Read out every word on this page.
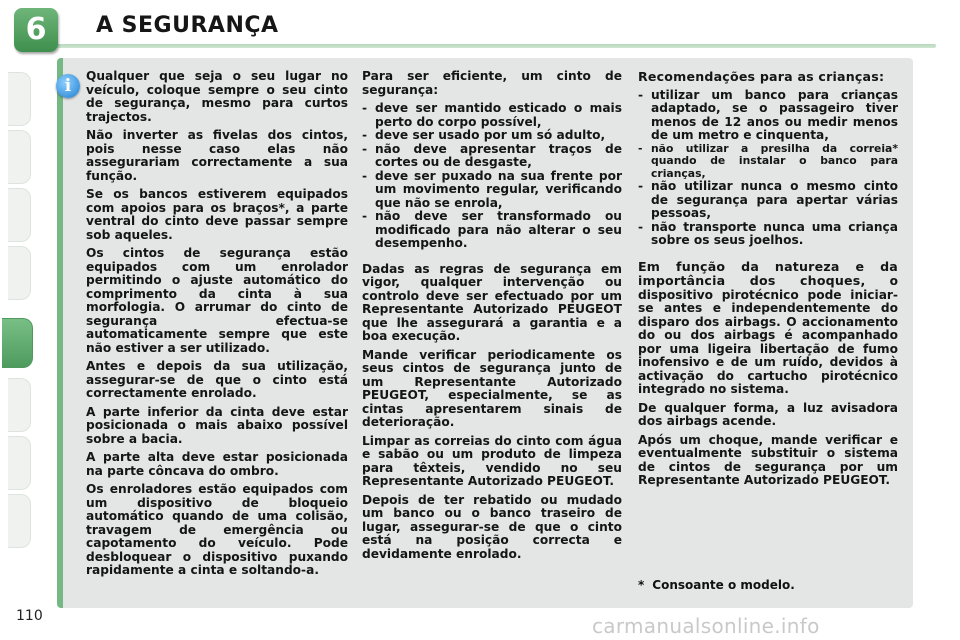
6	A SEGURANÇA
i	Qualquer que seja o seu lugar no veículo, coloque sempre o seu cinto de segurança, mesmo para curtos trajectos.

Não inverter as fivelas dos cintos, pois nesse caso elas não assegurariam correctamente a sua função.

Se os bancos estiverem equipados com apoios para os braços*, a parte ventral do cinto deve passar sempre sob aqueles.

Os cintos de segurança estão equipados com um enrolador permitindo o ajuste automático do comprimento da cinta à sua morfologia. O arrumar do cinto de segurança efectua-se automaticamente sempre que este não estiver a ser utilizado.

Antes e depois da sua utilização, assegurar-se de que o cinto está correctamente enrolado.

A parte inferior da cinta deve estar posicionada o mais abaixo possível sobre a bacia.

A parte alta deve estar posicionada na parte côncava do ombro.

Os enroladores estão equipados com um dispositivo de bloqueio automático quando de uma colisão, travagem de emergência ou capotamento do veículo. Pode desbloquear o dispositivo puxando rapidamente a cinta e soltando-a.

Para ser eficiente, um cinto de segurança:

- deve ser mantido esticado o mais perto do corpo possível,
- deve ser usado por um só adulto,
- não deve apresentar traços de cortes ou de desgaste,
- deve ser puxado na sua frente por um movimento regular, verificando que não se enrola,
- não deve ser transformado ou modificado para não alterar o seu desempenho.

Dadas as regras de segurança em vigor, qualquer intervenção ou controlo deve ser efectuado por um Representante Autorizado PEUGEOT que lhe assegurará a garantia e a boa execução.

Mande verificar periodicamente os seus cintos de segurança junto de um Representante Autorizado PEUGEOT, especialmente, se as cintas apresentarem sinais de deterioração.

Limpar as correias do cinto com água e sabão ou um produto de limpeza para têxteis, vendido no seu Representante Autorizado PEUGEOT.

Depois de ter rebatido ou mudado um banco ou o banco traseiro de lugar, assegurar-se de que o cinto está na posição correcta e devidamente enrolado.

Recomendações para as crianças:

- utilizar um banco para crianças adaptado, se o passageiro tiver menos de 12 anos ou medir menos de um metro e cinquenta,
- não utilizar a presilha da correia* quando de instalar o banco para crianças,
- não utilizar nunca o mesmo cinto de segurança para apertar várias pessoas,
- não transporte nunca uma criança sobre os seus joelhos.

Em função da natureza e da importância dos choques, o dispositivo pirotécnico pode iniciar-se antes e independentemente do disparo dos airbags. O accionamento do ou dos airbags é acompanhado por uma ligeira libertação de fumo inofensivo e de um ruído, devidos à activação do cartucho pirotécnico integrado no sistema.

De qualquer forma, a luz avisadora dos airbags acende.

Após um choque, mande verificar e eventualmente substituir o sistema de cintos de segurança por um Representante Autorizado PEUGEOT.

* Consoante o modelo.
110	carmanualsonline.info
